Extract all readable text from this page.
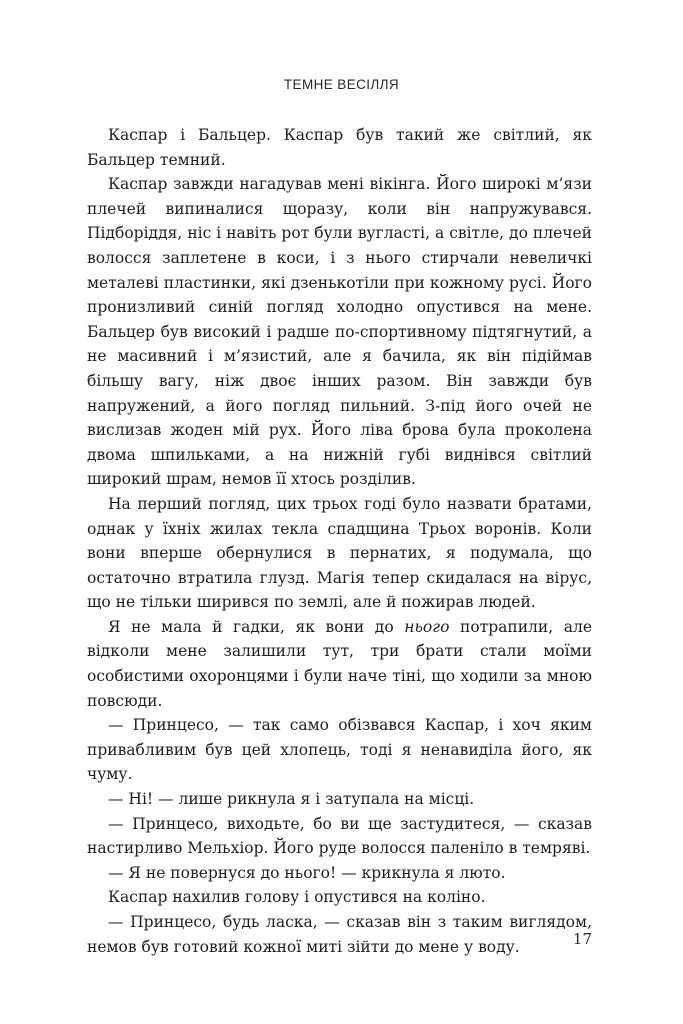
ТЕМНЕ ВЕСІЛЛЯ

Каспар і Бальцер. Каспар був такий же світлий, як Бальцер темний.

Каспар завжди нагадував мені вікінга. Його широкі м’язи плечей випиналися щоразу, коли він напружувався. Підборіддя, ніс і навіть рот були вугласті, а світле, до плечей волосся заплетене в коси, і з нього стирчали невеличкі металеві пластинки, які дзенькотіли при кожному русі. Його пронизливий синій погляд холодно опустився на мене. Бальцер був високий і радше по-спортивному підтягнутий, а не масивний і м’язистий, але я бачила, як він підіймав більшу вагу, ніж двоє інших разом. Він завжди був напружений, а його погляд пильний. З-під його очей не вислизав жоден мій рух. Його ліва брова була проколена двома шпильками, а на нижній губі виднівся світлий широкий шрам, немов її хтось розділив.

На перший погляд, цих трьох годі було назвати братами, однак у їхніх жилах текла спадщина Трьох воронів. Коли вони вперше обернулися в пернатих, я подумала, що остаточно втратила глузд. Магія тепер скидалася на вірус, що не тільки ширився по землі, але й пожирав людей.

Я не мала й гадки, як вони до нього потрапили, але відколи мене залишили тут, три брати стали моїми особистими охоронцями і були наче тіні, що ходили за мною повсюди.

— Принцесо, — так само обізвався Каспар, і хоч яким привабливим був цей хлопець, тоді я ненавиділа його, як чуму.

— Ні! — лише рикнула я і затупала на місці.

— Принцесо, виходьте, бо ви ще застудитеся, — сказав настирливо Мельхіор. Його руде волосся паленіло в темряві.

— Я не повернуся до нього! — крикнула я люто.

Каспар нахилив голову і опустився на коліно.

— Принцесо, будь ласка, — сказав він з таким виглядом, немов був готовий кожної миті зійти до мене у воду.	17
